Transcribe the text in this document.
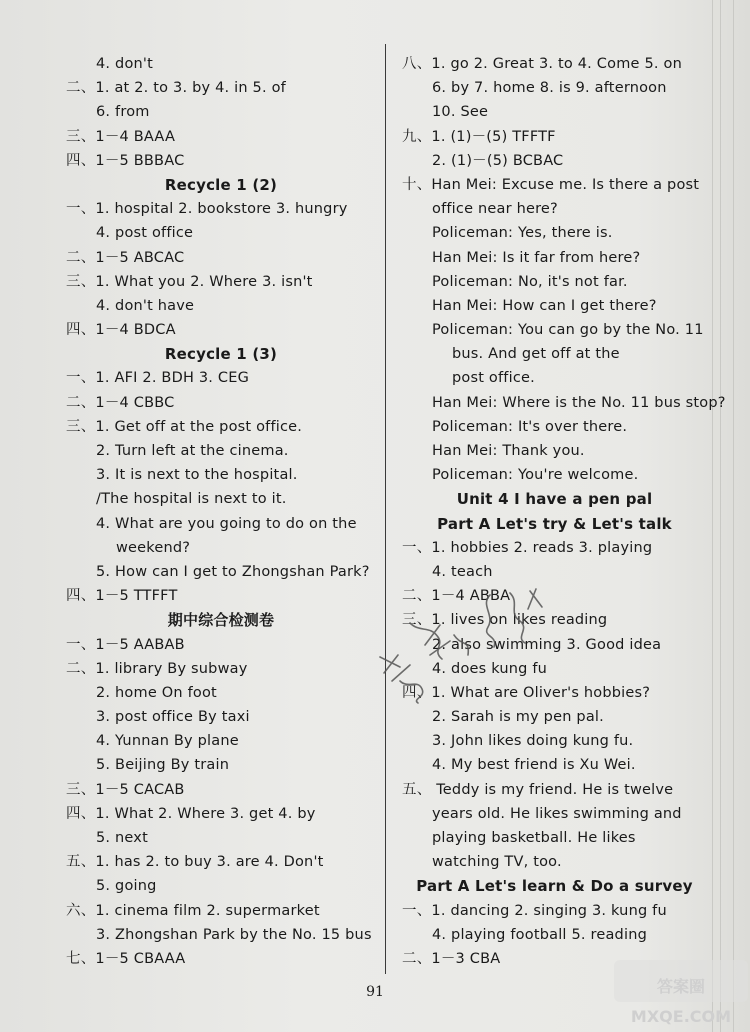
4. don't
二、1. at 2. to 3. by 4. in 5. of
6. from
三、1－4 BAAA
四、1－5 BBBAC
Recycle 1 (2)
一、1. hospital 2. bookstore 3. hungry
4. post office
二、1－5 ABCAC
三、1. What you 2. Where 3. isn't
4. don't have
四、1－4 BDCA
Recycle 1 (3)
一、1. AFI 2. BDH 3. CEG
二、1－4 CBBC
三、1. Get off at the post office.
2. Turn left at the cinema.
3. It is next to the hospital.
/The hospital is next to it.
4. What are you going to do on the
weekend?
5. How can I get to Zhongshan Park?
四、1－5 TTFFT
期中综合检测卷
一、1－5 AABAB
二、1. library By subway
2. home On foot
3. post office By taxi
4. Yunnan By plane
5. Beijing By train
三、1－5 CACAB
四、1. What 2. Where 3. get 4. by
5. next
五、1. has 2. to buy 3. are 4. Don't
5. going
六、1. cinema film 2. supermarket
3. Zhongshan Park by the No. 15 bus
七、1－5 CBAAA
八、1. go 2. Great 3. to 4. Come 5. on
6. by 7. home 8. is 9. afternoon
10. See
九、1. (1)－(5) TFFTF
2. (1)－(5) BCBAC
十、Han Mei: Excuse me. Is there a post
office near here?
Policeman: Yes, there is.
Han Mei: Is it far from here?
Policeman: No, it's not far.
Han Mei: How can I get there?
Policeman: You can go by the No. 11
bus. And get off at the
post office.
Han Mei: Where is the No. 11 bus stop?
Policeman: It's over there.
Han Mei: Thank you.
Policeman: You're welcome.
Unit 4 I have a pen pal
Part A Let's try & Let's talk
一、1. hobbies 2. reads 3. playing
4. teach
二、1－4 ABBA
三、1. lives on likes reading
2. also swimming 3. Good idea
4. does kung fu
四、1. What are Oliver's hobbies?
2. Sarah is my pen pal.
3. John likes doing kung fu.
4. My best friend is Xu Wei.
五、 Teddy is my friend. He is twelve
years old. He likes swimming and
playing basketball. He likes
watching TV, too.
Part A Let's learn & Do a survey
一、1. dancing 2. singing 3. kung fu
4. playing football 5. reading
二、1－3 CBA
91	答案圈
MXQE.COM
